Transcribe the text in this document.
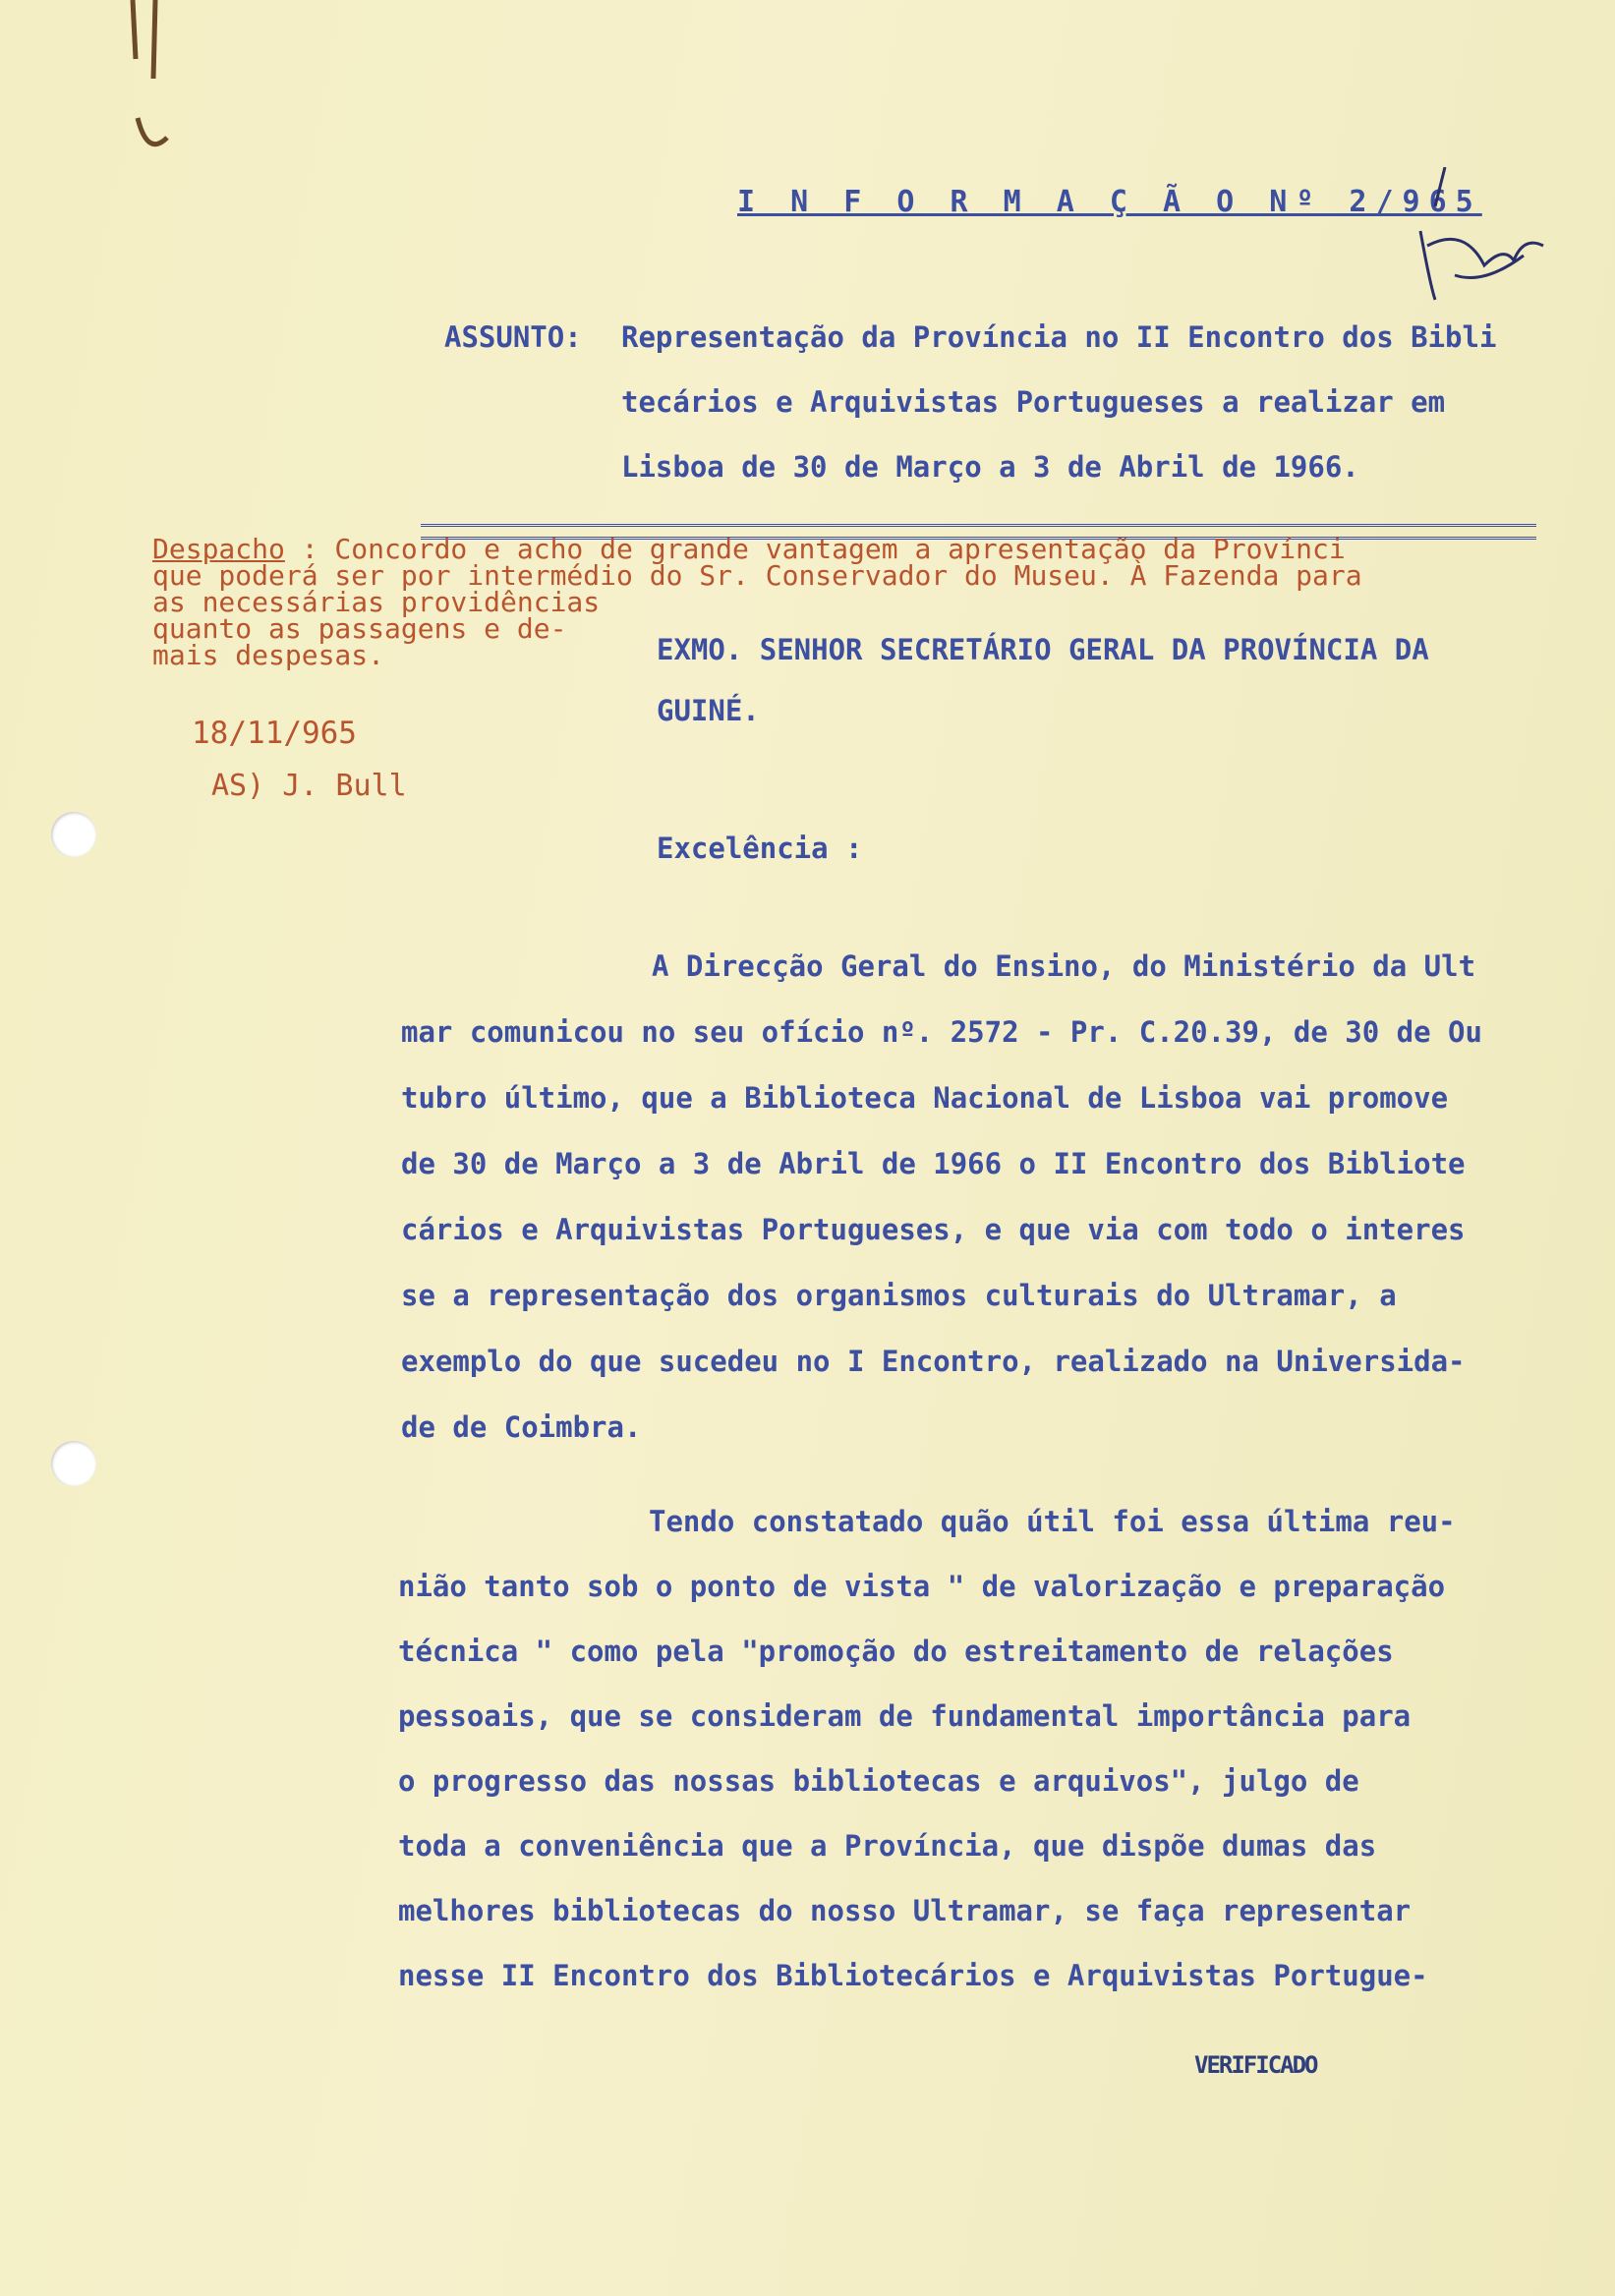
I N F O R M A Ç Ã O Nº 2/965
ASSUNTO: Representação da Província no II Encontro dos Bibli
tecários e Arquivistas Portugueses a realizar em
Lisboa de 30 de Março a 3 de Abril de 1966.
Despacho : Concordo e acho de grande vantagem a apresentação da Provínci
que poderá ser por intermédio do Sr. Conservador do Museu. À Fazenda para
as necessárias providências
quanto as passagens e de-
mais despesas.
18/11/965
AS) J. Bull
EXMO. SENHOR SECRETÁRIO GERAL DA PROVÍNCIA DA
GUINÉ.
Excelência :
A Direcção Geral do Ensino, do Ministério da Ult
mar comunicou no seu ofício nº. 2572 - Pr. C.20.39, de 30 de Ou
tubro último, que a Biblioteca Nacional de Lisboa vai promove
de 30 de Março a 3 de Abril de 1966 o II Encontro dos Bibliote
cários e Arquivistas Portugueses, e que via com todo o interes
se a representação dos organismos culturais do Ultramar, a
exemplo do que sucedeu no I Encontro, realizado na Universida-
de de Coimbra.
Tendo constatado quão útil foi essa última reu-
nião tanto sob o ponto de vista " de valorização e preparação
técnica " como pela "promoção do estreitamento de relações
pessoais, que se consideram de fundamental importância para
o progresso das nossas bibliotecas e arquivos", julgo de
toda a conveniência que a Província, que dispõe dumas das
melhores bibliotecas do nosso Ultramar, se faça representar
nesse II Encontro dos Bibliotecários e Arquivistas Portugue-
VERIFICADO
